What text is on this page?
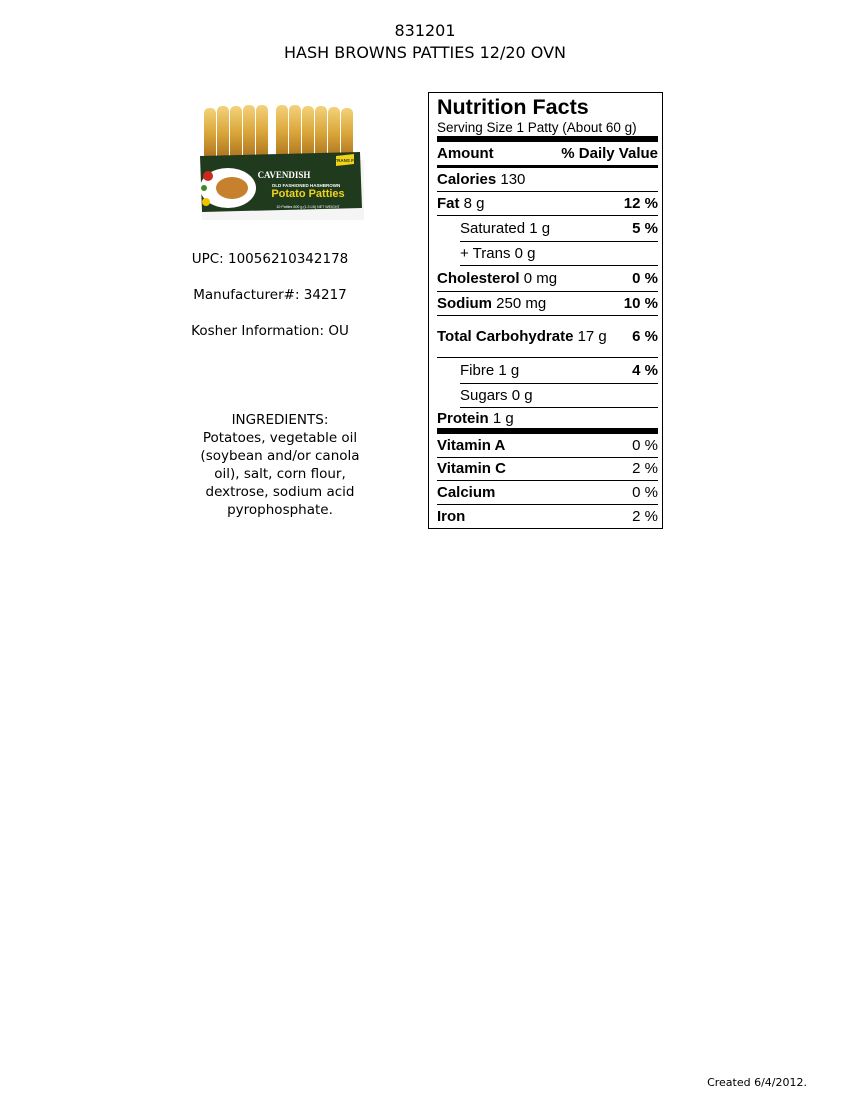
831201
HASH BROWNS PATTIES 12/20 OVN
0 TRANS FAT
CAVENDISH
OLD FASHIONED HASHBROWN
Potato Patties
10 Patties 600 g (1.3 LB) NET WEIGHT
UPC: 10056210342178
Manufacturer#: 34217
Kosher Information: OU
INGREDIENTS:
Potatoes, vegetable oil (soybean and/or canola oil), salt, corn flour, dextrose, sodium acid pyrophosphate.
Nutrition Facts
Serving Size 1 Patty (About 60 g)
Amount	% Daily Value
Calories 130
Fat 8 g	12 %
Saturated 1 g	5 %
+ Trans 0 g
Cholesterol 0 mg	0 %
Sodium 250 mg	10 %
Total Carbohydrate 17 g	6 %
Fibre 1 g	4 %
Sugars 0 g
Protein 1 g
Vitamin A	0 %
Vitamin C	2 %
Calcium	0 %
Iron	2 %
Created 6/4/2012.
